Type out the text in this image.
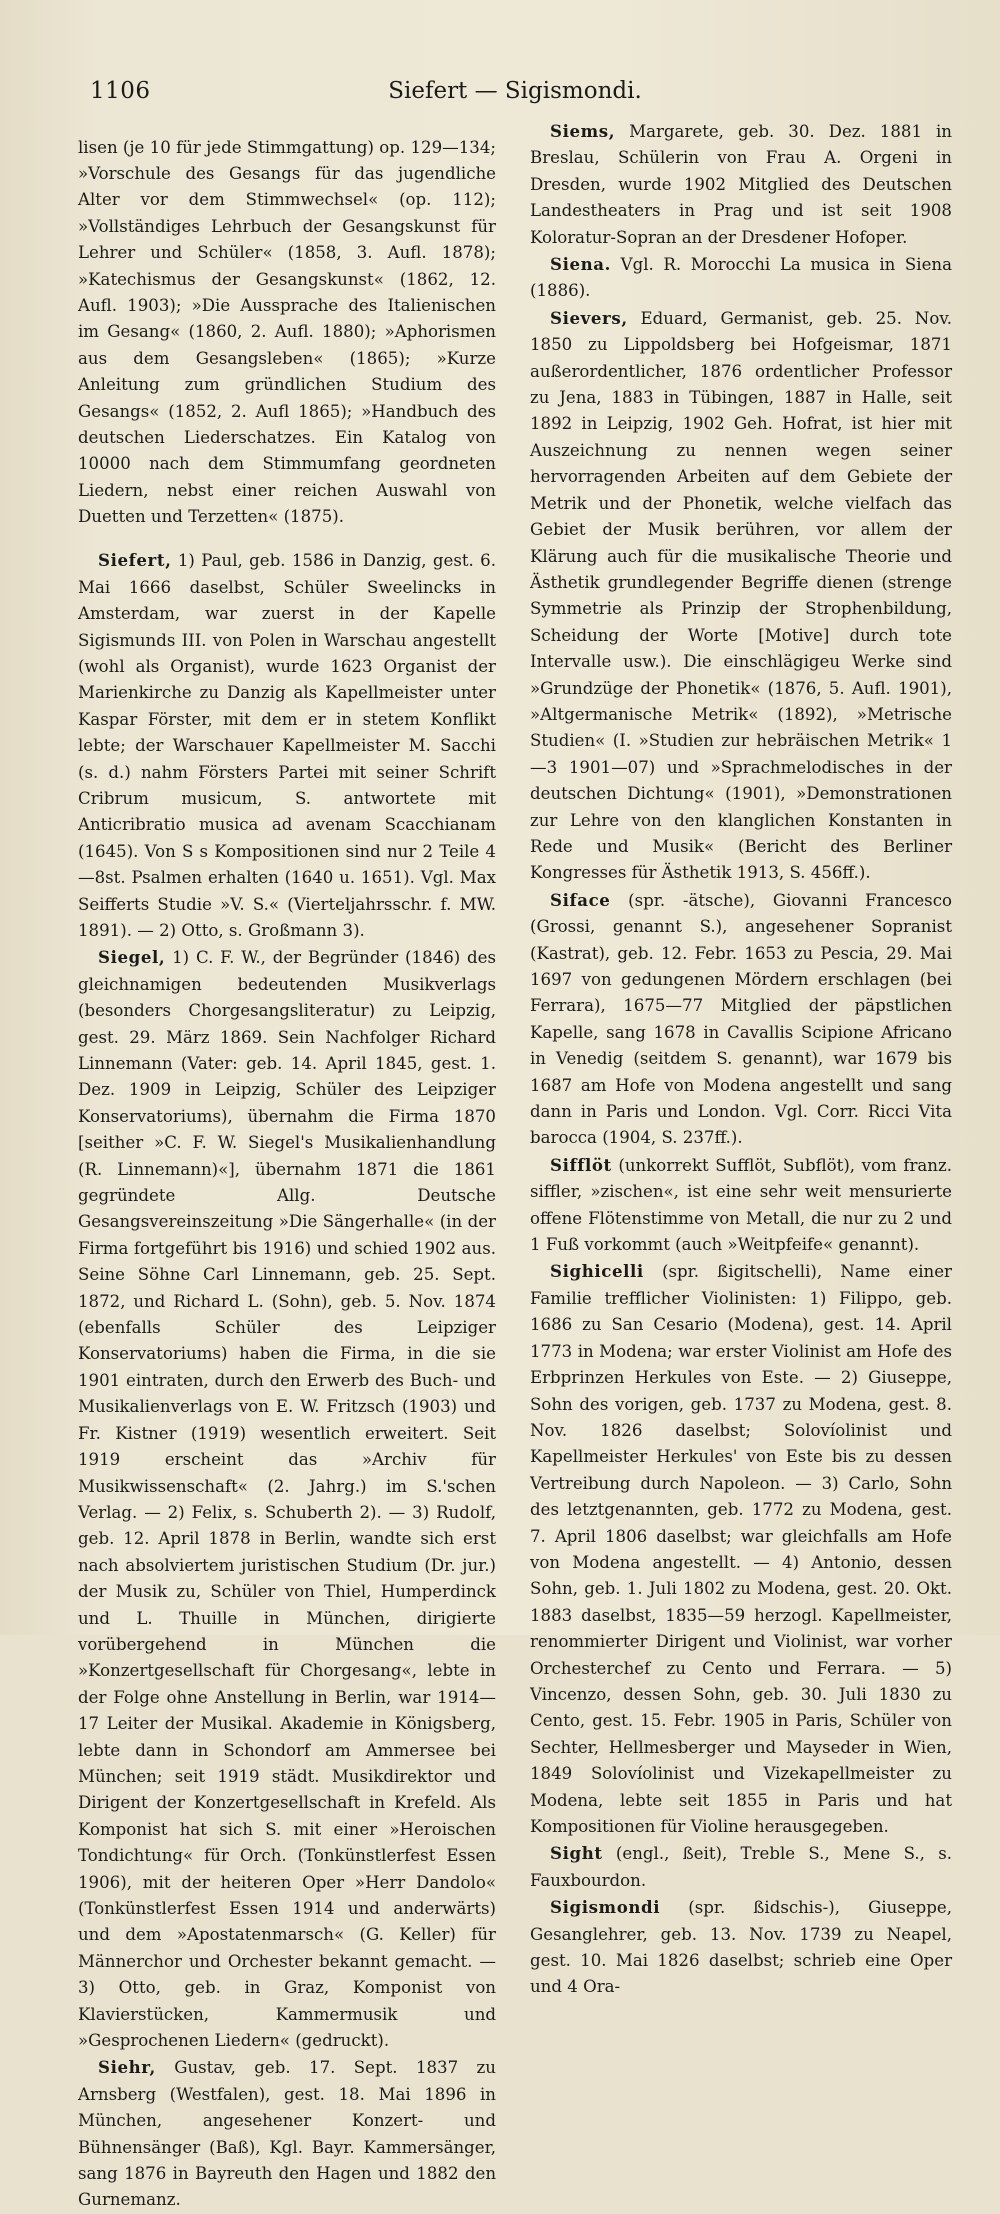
1106	Siefert — Sigismondi.

lisen (je 10 für jede Stimmgattung) op. 129—134; »Vorschule des Gesangs für das jugendliche Alter vor dem Stimmwechsel« (op. 112); »Vollständiges Lehrbuch der Gesangskunst für Lehrer und Schüler« (1858, 3. Aufl. 1878); »Katechismus der Gesangskunst« (1862, 12. Aufl. 1903); »Die Aussprache des Italienischen im Gesang« (1860, 2. Aufl. 1880); »Aphorismen aus dem Gesangsleben« (1865); »Kurze Anleitung zum gründlichen Studium des Gesangs« (1852, 2. Aufl 1865); »Handbuch des deutschen Liederschatzes. Ein Katalog von 10000 nach dem Stimmumfang geordneten Liedern, nebst einer reichen Auswahl von Duetten und Terzetten« (1875).

Siefert, 1) Paul, geb. 1586 in Danzig, gest. 6. Mai 1666 daselbst, Schüler Sweelincks in Amsterdam, war zuerst in der Kapelle Sigismunds III. von Polen in Warschau angestellt (wohl als Organist), wurde 1623 Organist der Marienkirche zu Danzig als Kapellmeister unter Kaspar Förster, mit dem er in stetem Konflikt lebte; der Warschauer Kapellmeister M. Sacchi (s. d.) nahm Försters Partei mit seiner Schrift Cribrum musicum, S. antwortete mit Anticribratio musica ad avenam Scacchianam (1645). Von S s Kompositionen sind nur 2 Teile 4—8st. Psalmen erhalten (1640 u. 1651). Vgl. Max Seifferts Studie »V. S.« (Vierteljahrsschr. f. MW. 1891). — 2) Otto, s. Großmann 3).

Siegel, 1) C. F. W., der Begründer (1846) des gleichnamigen bedeutenden Musikverlags (besonders Chorgesangsliteratur) zu Leipzig, gest. 29. März 1869. Sein Nachfolger Richard Linnemann (Vater: geb. 14. April 1845, gest. 1. Dez. 1909 in Leipzig, Schüler des Leipziger Konservatoriums), übernahm die Firma 1870 [seither »C. F. W. Siegel's Musikalienhandlung (R. Linnemann)«], übernahm 1871 die 1861 gegründete Allg. Deutsche Gesangsvereinszeitung »Die Sängerhalle« (in der Firma fortgeführt bis 1916) und schied 1902 aus. Seine Söhne Carl Linnemann, geb. 25. Sept. 1872, und Richard L. (Sohn), geb. 5. Nov. 1874 (ebenfalls Schüler des Leipziger Konservatoriums) haben die Firma, in die sie 1901 eintraten, durch den Erwerb des Buch- und Musikalienverlags von E. W. Fritzsch (1903) und Fr. Kistner (1919) wesentlich erweitert. Seit 1919 erscheint das »Archiv für Musikwissenschaft« (2. Jahrg.) im S.'schen Verlag. — 2) Felix, s. Schuberth 2). — 3) Rudolf, geb. 12. April 1878 in Berlin, wandte sich erst nach absolviertem juristischen Studium (Dr. jur.) der Musik zu, Schüler von Thiel, Humperdinck und L. Thuille in München, dirigierte vorübergehend in München die »Konzertgesellschaft für Chorgesang«, lebte in der Folge ohne Anstellung in Berlin, war 1914—17 Leiter der Musikal. Akademie in Königsberg, lebte dann in Schondorf am Ammersee bei München; seit 1919 städt. Musikdirektor und Dirigent der Konzertgesellschaft in Krefeld. Als Komponist hat sich S. mit einer »Heroischen Tondichtung« für Orch. (Tonkünstlerfest Essen 1906), mit der heiteren Oper »Herr Dandolo« (Tonkünstlerfest Essen 1914 und anderwärts) und dem »Apostatenmarsch« (G. Keller) für Männerchor und Orchester bekannt gemacht. — 3) Otto, geb. in Graz, Komponist von Klavierstücken, Kammermusik und »Gesprochenen Liedern« (gedruckt).

Siehr, Gustav, geb. 17. Sept. 1837 zu Arnsberg (Westfalen), gest. 18. Mai 1896 in München, angesehener Konzert- und Bühnensänger (Baß), Kgl. Bayr. Kammersänger, sang 1876 in Bayreuth den Hagen und 1882 den Gurnemanz.

Siems, Margarete, geb. 30. Dez. 1881 in Breslau, Schülerin von Frau A. Orgeni in Dresden, wurde 1902 Mitglied des Deutschen Landestheaters in Prag und ist seit 1908 Koloratur-Sopran an der Dresdener Hofoper.

Siena. Vgl. R. Morocchi La musica in Siena (1886).

Sievers, Eduard, Germanist, geb. 25. Nov. 1850 zu Lippoldsberg bei Hofgeismar, 1871 außerordentlicher, 1876 ordentlicher Professor zu Jena, 1883 in Tübingen, 1887 in Halle, seit 1892 in Leipzig, 1902 Geh. Hofrat, ist hier mit Auszeichnung zu nennen wegen seiner hervorragenden Arbeiten auf dem Gebiete der Metrik und der Phonetik, welche vielfach das Gebiet der Musik berühren, vor allem der Klärung auch für die musikalische Theorie und Ästhetik grundlegender Begriffe dienen (strenge Symmetrie als Prinzip der Strophenbildung, Scheidung der Worte [Motive] durch tote Intervalle usw.). Die einschlägigeu Werke sind »Grundzüge der Phonetik« (1876, 5. Aufl. 1901), »Altgermanische Metrik« (1892), »Metrische Studien« (I. »Studien zur hebräischen Metrik« 1—3 1901—07) und »Sprachmelodisches in der deutschen Dichtung« (1901), »Demonstrationen zur Lehre von den klanglichen Konstanten in Rede und Musik« (Bericht des Berliner Kongresses für Ästhetik 1913, S. 456ff.).

Siface (spr. -ätsche), Giovanni Francesco (Grossi, genannt S.), angesehener Sopranist (Kastrat), geb. 12. Febr. 1653 zu Pescia, 29. Mai 1697 von gedungenen Mördern erschlagen (bei Ferrara), 1675—77 Mitglied der päpstlichen Kapelle, sang 1678 in Cavallis Scipione Africano in Venedig (seitdem S. genannt), war 1679 bis 1687 am Hofe von Modena angestellt und sang dann in Paris und London. Vgl. Corr. Ricci Vita barocca (1904, S. 237ff.).

Sifflöt (unkorrekt Sufflöt, Subflöt), vom franz. siffler, »zischen«, ist eine sehr weit mensurierte offene Flötenstimme von Metall, die nur zu 2 und 1 Fuß vorkommt (auch »Weitpfeife« genannt).

Sighicelli (spr. ßigitschelli), Name einer Familie trefflicher Violinisten: 1) Filippo, geb. 1686 zu San Cesario (Modena), gest. 14. April 1773 in Modena; war erster Violinist am Hofe des Erbprinzen Herkules von Este. — 2) Giuseppe, Sohn des vorigen, geb. 1737 zu Modena, gest. 8. Nov. 1826 daselbst; Solovíolinist und Kapellmeister Herkules' von Este bis zu dessen Vertreibung durch Napoleon. — 3) Carlo, Sohn des letztgenannten, geb. 1772 zu Modena, gest. 7. April 1806 daselbst; war gleichfalls am Hofe von Modena angestellt. — 4) Antonio, dessen Sohn, geb. 1. Juli 1802 zu Modena, gest. 20. Okt. 1883 daselbst, 1835—59 herzogl. Kapellmeister, renommierter Dirigent und Violinist, war vorher Orchesterchef zu Cento und Ferrara. — 5) Vincenzo, dessen Sohn, geb. 30. Juli 1830 zu Cento, gest. 15. Febr. 1905 in Paris, Schüler von Sechter, Hellmesberger und Mayseder in Wien, 1849 Solovíolinist und Vizekapellmeister zu Modena, lebte seit 1855 in Paris und hat Kompositionen für Violine herausgegeben.

Sight (engl., ßeit), Treble S., Mene S., s. Fauxbourdon.

Sigismondi (spr. ßidschis-), Giuseppe, Gesanglehrer, geb. 13. Nov. 1739 zu Neapel, gest. 10. Mai 1826 daselbst; schrieb eine Oper und 4 Ora-
